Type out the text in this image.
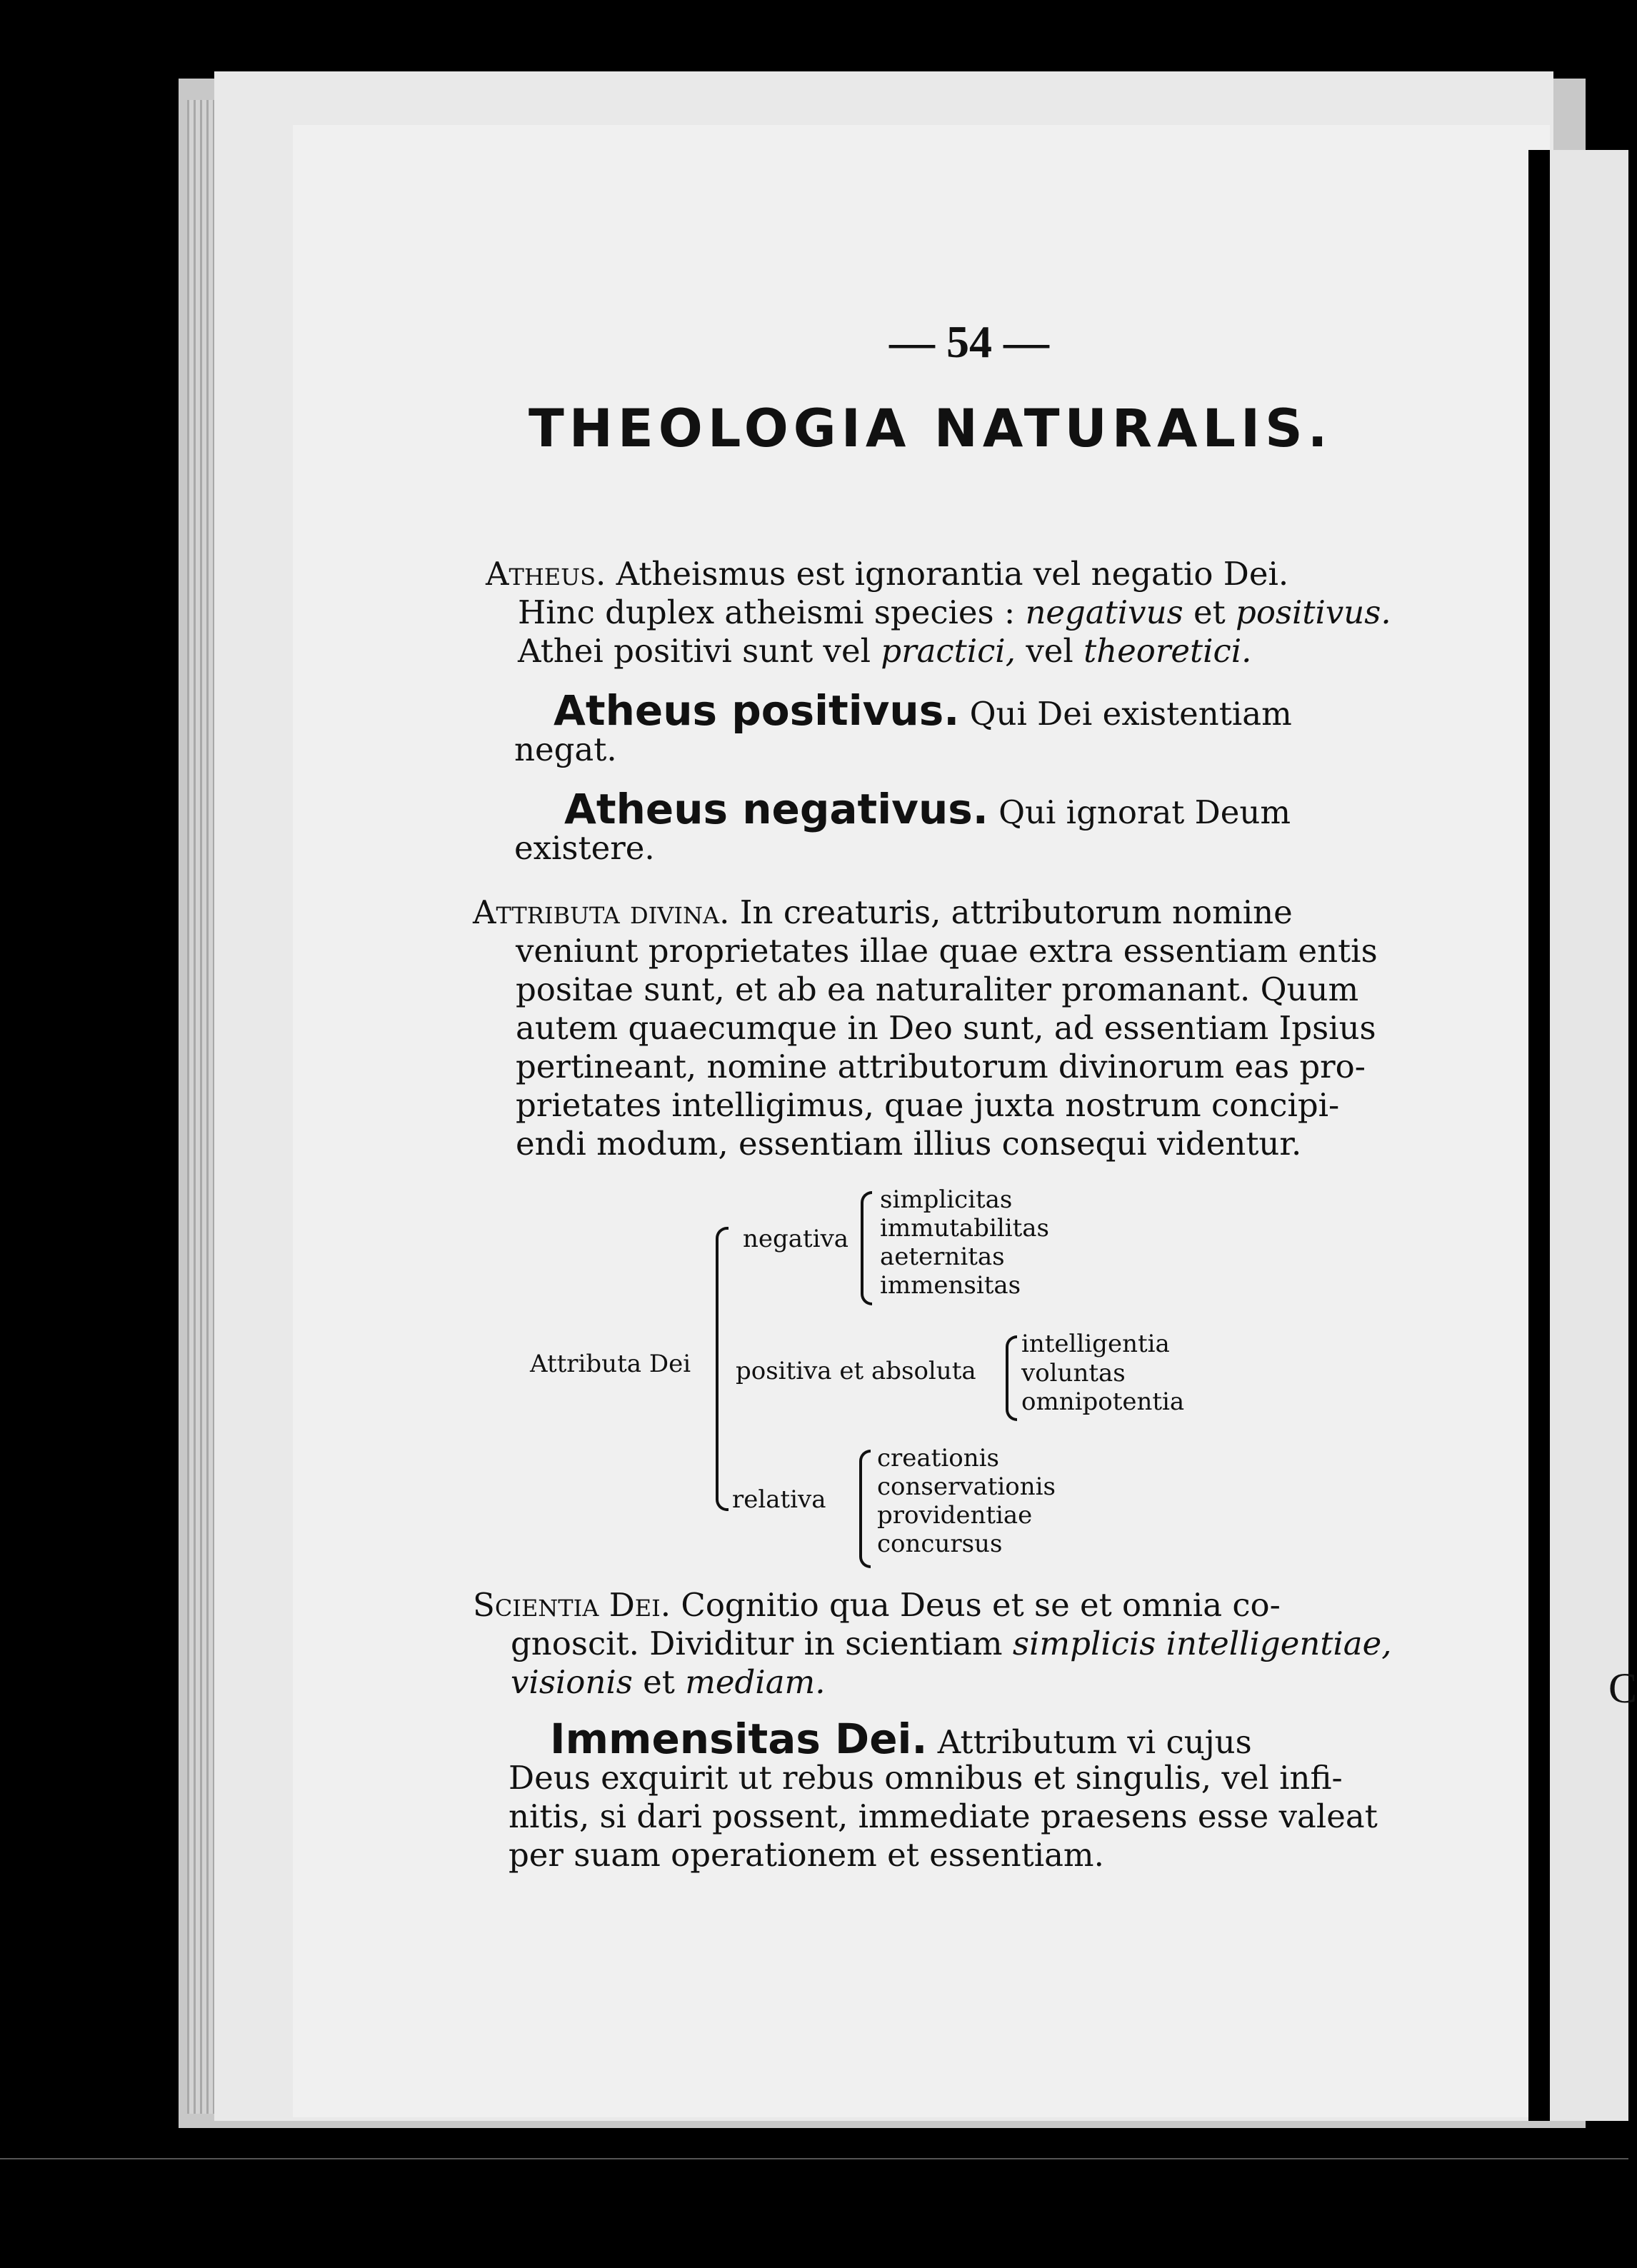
C
— 54 —
THEOLOGIA NATURALIS.
Atheus. Atheismus est ignorantia vel negatio Dei.
Hinc duplex atheismi species : negativus et positivus.
Athei positivi sunt vel practici, vel theoretici.
Atheus positivus. Qui Dei existentiam
negat.
Atheus negativus. Qui ignorat Deum
existere.
Attributa divina. In creaturis, attributorum nomine
veniunt proprietates illae quae extra essentiam entis
positae sunt, et ab ea naturaliter promanant. Quum
autem quaecumque in Deo sunt, ad essentiam Ipsius
pertineant, nomine attributorum divinorum eas pro-
prietates intelligimus, quae juxta nostrum concipi-
endi modum, essentiam illius consequi videntur.
Attributa Dei
negativa
simplicitas
immutabilitas
aeternitas
immensitas
positiva et absoluta
intelligentia
voluntas
omnipotentia
relativa
creationis
conservationis
providentiae
concursus
Scientia Dei. Cognitio qua Deus et se et omnia co-
gnoscit. Dividitur in scientiam simplicis intelligentiae,
visionis et mediam.
Immensitas Dei. Attributum vi cujus
Deus exquirit ut rebus omnibus et singulis, vel infi-
nitis, si dari possent, immediate praesens esse valeat
per suam operationem et essentiam.
